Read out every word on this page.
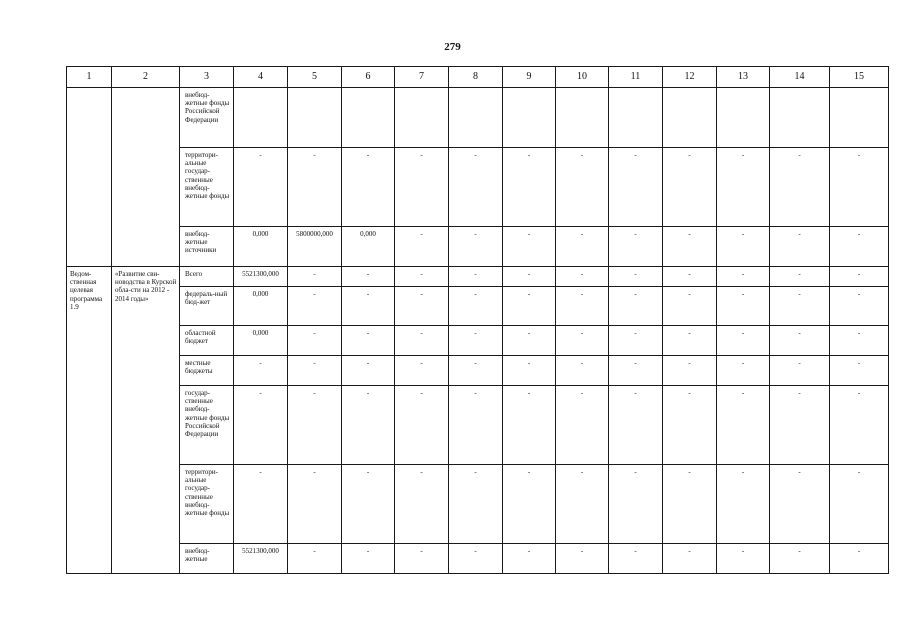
279
1	2	3	4	5	6	7	8	9	10	11	12	13	14	15
		внебюд-жетные фонды Российской Федерации												
		территори-альные государ-ственные внебюд-жетные фонды	-	-	-	-	-	-	-	-	-	-	-	-
		внебюд-жетные источники	0,000	5800000,000	0,000	-	-	-	-	-	-	-	-	-
Ведом-ственная целевая программа 1.9	«Развитие сви-новодства в Курской обла-сти на 2012 - 2014 годы»	Всего	5521300,000	-	-	-	-	-	-	-	-	-	-	-
		федераль-ный бюд-жет	0,000	-	-	-	-	-	-	-	-	-	-	-
		областной бюджет	0,000	-	-	-	-	-	-	-	-	-	-	-
		местные бюджеты	-	-	-	-	-	-	-	-	-	-	-	-
		государ-ственные внебюд-жетные фонды Российской Федерации	-	-	-	-	-	-	-	-	-	-	-	-
		территори-альные государ-ственные внебюд-жетные фонды	-	-	-	-	-	-	-	-	-	-	-	-
		внебюд-жетные	5521300,000	-	-	-	-	-	-	-	-	-	-	-
